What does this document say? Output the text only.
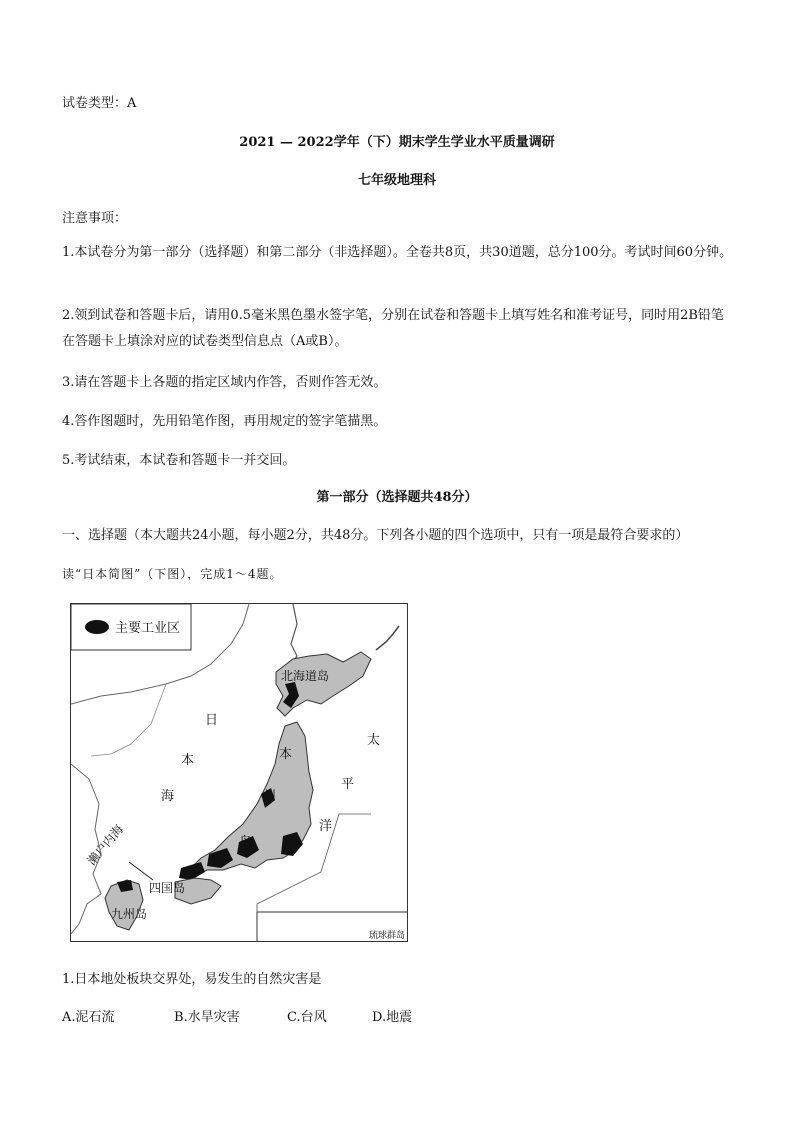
试卷类型：A
2021 — 2022学年（下）期末学生学业水平质量调研
七年级地理科
注意事项：
1.本试卷分为第一部分（选择题）和第二部分（非选择题）。全卷共8页，共30道题，总分100分。考试时间60分钟。
2.领到试卷和答题卡后，请用0.5毫米黑色墨水签字笔，分别在试卷和答题卡上填写姓名和准考证号，同时用2B铅笔在答题卡上填涂对应的试卷类型信息点（A或B）。
3.请在答题卡上各题的指定区域内作答，否则作答无效。
4.答作图题时，先用铅笔作图，再用规定的签字笔描黑。
5.考试结束，本试卷和答题卡一并交回。
第一部分（选择题共48分）
一、选择题（本大题共24小题，每小题2分，共48分。下列各小题的四个选项中，只有一项是最符合要求的）
读“日本简图”（下图），完成1～4题。
主要工业区
北海道岛
日
本
海
太
平
洋
本
州
岛
濑户内海
四国岛
九州岛
琉球群岛
1.日本地处板块交界处，易发生的自然灾害是
A.泥石流	B.水旱灾害	C.台风	D.地震
